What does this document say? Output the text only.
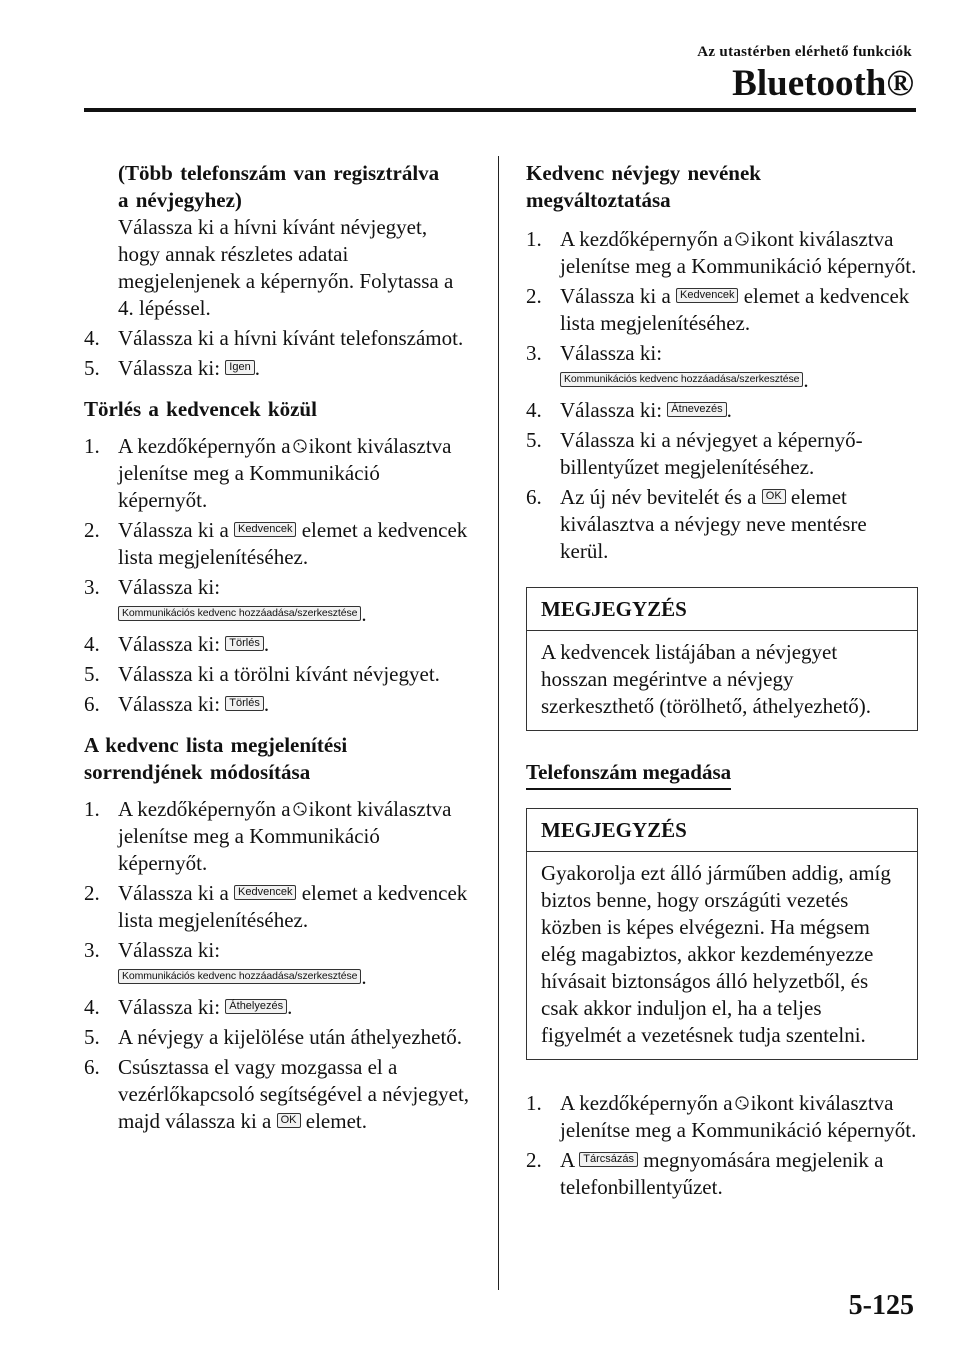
Az utastérben elérhető funkciók
Bluetooth®
(Több telefonszám van regisztrálva
a névjegyhez)
Válassza ki a hívni kívánt névjegyet, hogy annak részletes adatai megjelenjenek a képernyőn. Folytassa a 4. lépéssel.
4. Válassza ki a hívni kívánt telefonszámot.
5. Válassza ki: Igen .
Törlés a kedvencek közül
1. A kezdőképernyőn a ikont kiválasztva jelenítse meg a Kommunikáció képernyőt.
2. Válassza ki a Kedvencek elemet a kedvencek lista megjelenítéséhez.
3. Válassza ki:
Kommunikációs kedvenc hozzáadása/szerkesztése .
4. Válassza ki: Törlés .
5. Válassza ki a törölni kívánt névjegyet.
6. Válassza ki: Törlés .
A kedvenc lista megjelenítési
sorrendjének módosítása
1. A kezdőképernyőn a ikont kiválasztva jelenítse meg a Kommunikáció képernyőt.
2. Válassza ki a Kedvencek elemet a kedvencek lista megjelenítéséhez.
3. Válassza ki:
Kommunikációs kedvenc hozzáadása/szerkesztése .
4. Válassza ki: Áthelyezés .
5. A névjegy a kijelölése után áthelyezhető.
6. Csúsztassa el vagy mozgassa el a vezérlőkapcsoló segítségével a névjegyet, majd válassza ki a OK elemet.
Kedvenc névjegy nevének
megváltoztatása
1. A kezdőképernyőn a ikont kiválasztva jelenítse meg a Kommunikáció képernyőt.
2. Válassza ki a Kedvencek elemet a kedvencek lista megjelenítéséhez.
3. Válassza ki:
Kommunikációs kedvenc hozzáadása/szerkesztése .
4. Válassza ki: Átnevezés .
5. Válassza ki a névjegyet a képernyő-billentyűzet megjelenítéséhez.
6. Az új név bevitelét és a OK elemet kiválasztva a névjegy neve mentésre kerül.
MEGJEGYZÉS
A kedvencek listájában a névjegyet hosszan megérintve a névjegy szerkeszthető (törölhető, áthelyezhető).
Telefonszám megadása
MEGJEGYZÉS
Gyakorolja ezt álló járműben addig, amíg biztos benne, hogy országúti vezetés közben is képes elvégezni. Ha mégsem elég magabiztos, akkor kezdeményezze hívásait biztonságos álló helyzetből, és csak akkor induljon el, ha a teljes figyelmét a vezetésnek tudja szentelni.
1. A kezdőképernyőn a ikont kiválasztva jelenítse meg a Kommunikáció képernyőt.
2. A Tárcsázás megnyomására megjelenik a telefonbillentyűzet.
5-125
